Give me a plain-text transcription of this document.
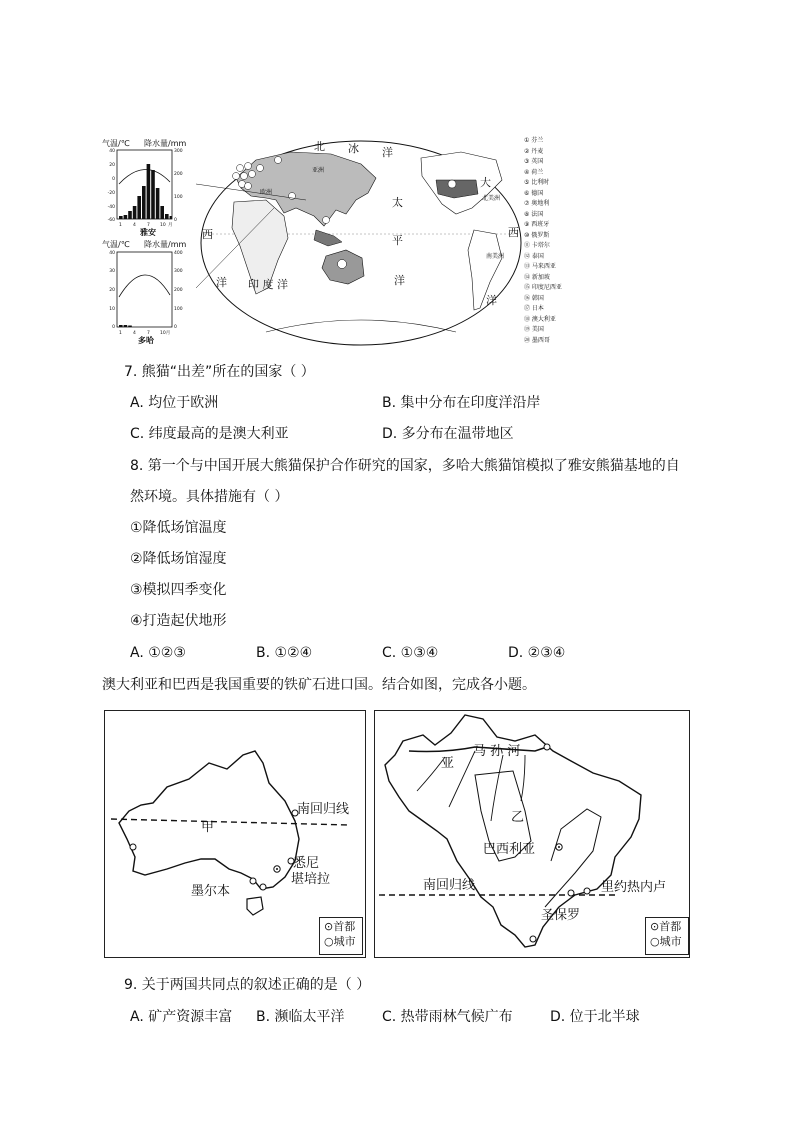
气温/℃ 降水量/mm
40
20
0
-20
-40
-60
300
200
100
0
1 4 7 10 月
雅安
气温/℃ 降水量/mm
40
30
20
10
0
400
300
200
100
0
1 4 7 10月
多哈
北 冰 洋
太
平
洋
西
洋
大
西
洋
印 度 洋
北美洲
南美洲
欧洲
亚洲
① 芬兰
② 丹麦
③ 英国
④ 荷兰
⑤ 比利时
⑥ 德国
⑦ 奥地利
⑧ 法国
⑨ 西班牙
⑩ 俄罗斯
⑪ 卡塔尔
⑫ 泰国
⑬ 马来西亚
⑭ 新加坡
⑮ 印度尼西亚
⑯ 韩国
⑰ 日本
⑱ 澳大利亚
⑲ 美国
⑳ 墨西哥
7. 熊猫“出差”所在的国家（ ）
A. 均位于欧洲	B. 集中分布在印度洋沿岸
C. 纬度最高的是澳大利亚	D. 多分布在温带地区
8. 第一个与中国开展大熊猫保护合作研究的国家，多哈大熊猫馆模拟了雅安熊猫基地的自
然环境。具体措施有（ ）
①降低场馆温度
②降低场馆湿度
③模拟四季变化
④打造起伏地形
A. ①②③	B. ①②④	C. ①③④	D. ②③④
澳大利亚和巴西是我国重要的铁矿石进口国。结合如图，完成各小题。
南回归线
甲
悉尼
堪培拉
墨尔本
⊙首都
○城市
亚
马 孙 河
乙
巴西利亚
南回归线	里约热内卢
圣保罗
⊙首都
○城市
9. 关于两国共同点的叙述正确的是（ ）
A. 矿产资源丰富 B. 濒临太平洋	C. 热带雨林气候广布	D. 位于北半球
